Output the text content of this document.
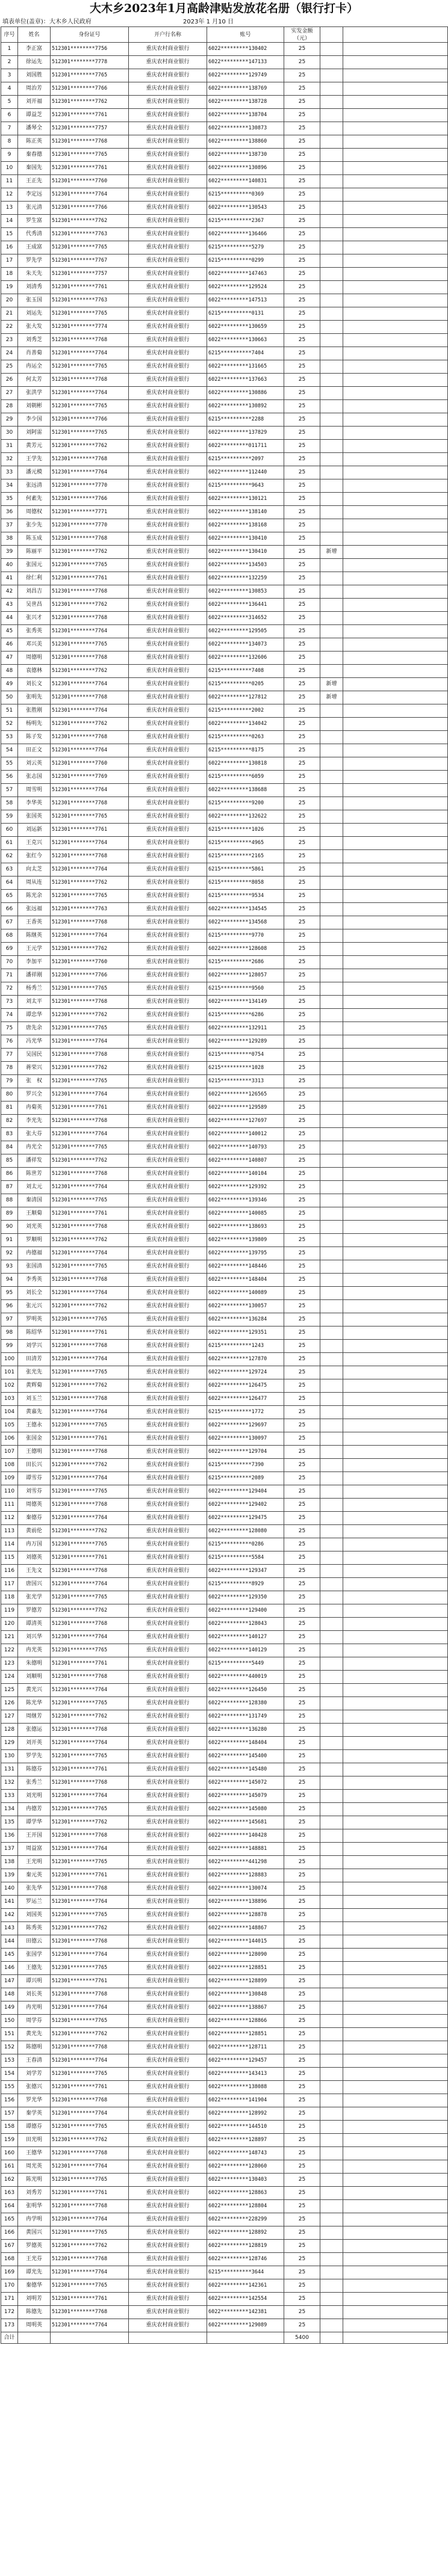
大木乡2023年1月高龄津贴发放花名册（银行打卡）
填表单位(盖章)：大木乡人民政府	2023年 1 月10 日
序号	姓名	身份证号	开户行名称	账号	实发金额（元）		
1	李正富	512301********7756	重庆农村商业银行	6022*********130402	25		
2	徐运先	512301********7778	重庆农村商业银行	6022*********147133	25		
3	刘国胜	512301********7765	重庆农村商业银行	6022*********129749	25		
4	周治芳	512301********7766	重庆农村商业银行	6022*********138769	25		
5	刘开福	512301********7762	重庆农村商业银行	6022*********138728	25		
6	谭益芝	512301********7761	重庆农村商业银行	6022*********138704	25		
7	潘琴全	512301********7757	重庆农村商业银行	6022*********130873	25		
8	陈正英	512301********7768	重庆农村商业银行	6022*********138860	25		
9	秦春德	512301********7765	重庆农村商业银行	6022*********138730	25		
10	秦国先	512301********7761	重庆农村商业银行	6022*********130896	25		
11	王正先	512301********7760	重庆农村商业银行	6022*********140831	25		
12	李定远	512301********7764	重庆农村商业银行	6215**********0369	25		
13	张元清	512301********7766	重庆农村商业银行	6022*********130543	25		
14	罗生富	512301********7762	重庆农村商业银行	6215**********2367	25		
15	代秀清	512301********7763	重庆农村商业银行	6022*********136466	25		
16	王成富	512301********7765	重庆农村商业银行	6215**********5279	25		
17	罗先学	512301********7767	重庆农村商业银行	6215**********0299	25		
18	朱天先	512301********7757	重庆农村商业银行	6022*********147463	25		
19	刘清秀	512301********7761	重庆农村商业银行	6022*********129524	25		
20	张玉国	512301********7763	重庆农村商业银行	6022*********147513	25		
21	刘运先	512301********7765	重庆农村商业银行	6215**********0131	25		
22	张大发	512301********7774	重庆农村商业银行	6022*********130659	25		
23	刘秀芝	512301********7768	重庆农村商业银行	6022*********130663	25		
24	肖善菊	512301********7764	重庆农村商业银行	6215**********7404	25		
25	冉运全	512301********7765	重庆农村商业银行	6022*********131665	25		
26	何太芳	512301********7768	重庆农村商业银行	6022*********137663	25		
27	张洪学	512301********7764	重庆农村商业银行	6022*********130886	25		
28	刘朝彬	512301********7765	重庆农村商业银行	6022*********130892	25		
29	李少国	512301********7766	重庆农村商业银行	6215**********2288	25		
30	刘阿雷	512301********7765	重庆农村商业银行	6022*********137829	25		
31	黄芳元	512301********7762	重庆农村商业银行	6022*********011711	25		
32	王学先	512301********7768	重庆农村商业银行	6215**********2097	25		
33	潘元模	512301********7764	重庆农村商业银行	6022*********112440	25		
34	张远清	512301********7770	重庆农村商业银行	6215**********9643	25		
35	何素先	512301********7766	重庆农村商业银行	6022*********130121	25		
36	周德权	512301********7771	重庆农村商业银行	6022*********138140	25		
37	张少先	512301********7770	重庆农村商业银行	6022*********138168	25		
38	陈玉成	512301********7768	重庆农村商业银行	6022*********130410	25		
39	陈丽平	512301********7762	重庆农村商业银行	6022*********130410	25	新增	
40	张国元	512301********7765	重庆农村商业银行	6022*********134503	25		
41	徐仁利	512301********7761	重庆农村商业银行	6022*********132259	25		
42	刘昌吉	512301********7768	重庆农村商业银行	6022*********130853	25		
43	吴世昌	512301********7762	重庆农村商业银行	6022*********136441	25		
44	张兴才	512301********7768	重庆农村商业银行	6022*********314652	25		
45	张秀英	512301********7764	重庆农村商业银行	6022*********129505	25		
46	邓兴美	512301********7765	重庆农村商业银行	6022*********134073	25		
47	周德明	512301********7768	重庆农村商业银行	6022*********132606	25		
48	袁德林	512301********7762	重庆农村商业银行	6215**********7408	25		
49	刘长文	512301********7764	重庆农村商业银行	6215**********0205	25	新增	
50	张明先	512301********7768	重庆农村商业银行	6022*********127812	25	新增	
51	张胜刚	512301********7764	重庆农村商业银行	6215**********2002	25		
52	杨明先	512301********7762	重庆农村商业银行	6022*********134042	25		
53	陈子发	512301********7768	重庆农村商业银行	6215**********0263	25		
54	田正文	512301********7764	重庆农村商业银行	6215**********8175	25		
55	刘云英	512301********7760	重庆农村商业银行	6022*********130818	25		
56	张志国	512301********7769	重庆农村商业银行	6215**********6059	25		
57	周雪明	512301********7764	重庆农村商业银行	6022*********138688	25		
58	李华英	512301********7768	重庆农村商业银行	6215**********9200	25		
59	张国英	512301********7765	重庆农村商业银行	6022*********132622	25		
60	刘运新	512301********7761	重庆农村商业银行	6215**********1026	25		
61	王克兴	512301********7764	重庆农村商业银行	6215**********4965	25		
62	张红今	512301********7768	重庆农村商业银行	6215**********2165	25		
63	向太芝	512301********7764	重庆农村商业银行	6215**********5861	25		
64	周从连	512301********7762	重庆农村商业银行	6215**********8058	25		
65	陈光余	512301********7765	重庆农村商业银行	6215**********9534	25		
66	张远福	512301********7763	重庆农村商业银行	6022*********134545	25		
67	王香英	512301********7768	重庆农村商业银行	6022*********134568	25		
68	陈继英	512301********7764	重庆农村商业银行	6215**********9770	25		
69	王元学	512301********7762	重庆农村商业银行	6022*********128608	25		
70	李加平	512301********7760	重庆农村商业银行	6215**********2686	25		
71	潘祥刚	512301********7766	重庆农村商业银行	6022*********128057	25		
72	杨秀兰	512301********7765	重庆农村商业银行	6215**********9560	25		
73	刘太平	512301********7768	重庆农村商业银行	6022*********134149	25		
74	谭忠华	512301********7762	重庆农村商业银行	6215**********6286	25		
75	唐先余	512301********7765	重庆农村商业银行	6022*********132911	25		
76	冯光华	512301********7764	重庆农村商业银行	6022*********129289	25		
77	吴国民	512301********7768	重庆农村商业银行	6215**********0754	25		
78	蒋荣兴	512301********7762	重庆农村商业银行	6215**********1028	25		
79	张　权	512301********7765	重庆农村商业银行	6215**********3313	25		
80	罗兴全	512301********7764	重庆农村商业银行	6022*********126565	25		
81	冉菊英	512301********7761	重庆农村商业银行	6022*********129589	25		
82	李光先	512301********7768	重庆农村商业银行	6022*********127697	25		
83	张大芬	512301********7764	重庆农村商业银行	6022*********140012	25		
84	冉光全	512301********7765	重庆农村商业银行	6022*********140793	25		
85	潘祥发	512301********7762	重庆农村商业银行	6022*********140807	25		
86	陈世芳	512301********7768	重庆农村商业银行	6022*********140104	25		
87	刘太元	512301********7764	重庆农村商业银行	6022*********129392	25		
88	秦清国	512301********7765	重庆农村商业银行	6022*********139346	25		
89	王顺菊	512301********7761	重庆农村商业银行	6022*********140085	25		
90	刘光英	512301********7768	重庆农村商业银行	6022*********138693	25		
91	罗顺明	512301********7762	重庆农村商业银行	6022*********139809	25		
92	冉德福	512301********7764	重庆农村商业银行	6022*********139795	25		
93	张国清	512301********7765	重庆农村商业银行	6022*********148446	25		
94	李秀英	512301********7768	重庆农村商业银行	6022*********148404	25		
95	刘长全	512301********7764	重庆农村商业银行	6022*********140089	25		
96	张元兴	512301********7762	重庆农村商业银行	6022*********130057	25		
97	罗明英	512301********7765	重庆农村商业银行	6022*********136284	25		
98	陈绍华	512301********7761	重庆农村商业银行	6022*********129351	25		
99	刘学兴	512301********7768	重庆农村商业银行	6215**********1243	25		
100	田清芳	512301********7764	重庆农村商业银行	6022*********127870	25		
101	张光先	512301********7765	重庆农村商业银行	6022*********129724	25		
102	黄辉菊	512301********7762	重庆农村商业银行	6022*********126475	25		
103	刘玉兰	512301********7768	重庆农村商业银行	6022*********126477	25		
104	黄嘉先	512301********7764	重庆农村商业银行	6215**********1772	25		
105	王德永	512301********7765	重庆农村商业银行	6022*********129697	25		
106	张国金	512301********7761	重庆农村商业银行	6022*********130097	25		
107	王德明	512301********7768	重庆农村商业银行	6022*********129704	25		
108	田长兴	512301********7762	重庆农村商业银行	6215**********7390	25		
109	谭雪芬	512301********7764	重庆农村商业银行	6215**********2089	25		
110	刘雪芬	512301********7765	重庆农村商业银行	6022*********129404	25		
111	周德英	512301********7768	重庆农村商业银行	6022*********129402	25		
112	秦德芬	512301********7764	重庆农村商业银行	6022*********129475	25		
113	黄前伦	512301********7762	重庆农村商业银行	6022*********128080	25		
114	冉万国	512301********7765	重庆农村商业银行	6215**********0286	25		
115	刘德英	512301********7761	重庆农村商业银行	6215**********5584	25		
116	王先文	512301********7768	重庆农村商业银行	6022*********129347	25		
117	唐国兴	512301********7764	重庆农村商业银行	6215**********8929	25		
118	张光学	512301********7765	重庆农村商业银行	6022*********129350	25		
119	罗德芳	512301********7762	重庆农村商业银行	6022*********129400	25		
120	谭清英	512301********7768	重庆农村商业银行	6022*********128043	25		
121	刘兴华	512301********7764	重庆农村商业银行	6022*********140127	25		
122	冉光英	512301********7765	重庆农村商业银行	6022*********140129	25		
123	朱德明	512301********7761	重庆农村商业银行	6215**********5449	25		
124	刘顺明	512301********7768	重庆农村商业银行	6022*********440019	25		
125	黄光兴	512301********7764	重庆农村商业银行	6022*********126450	25		
126	陈光华	512301********7765	重庆农村商业银行	6022*********128380	25		
127	周继芳	512301********7762	重庆农村商业银行	6022*********131749	25		
128	张德运	512301********7768	重庆农村商业银行	6022*********136280	25		
129	刘开英	512301********7764	重庆农村商业银行	6022*********148404	25		
130	罗学先	512301********7765	重庆农村商业银行	6022*********145400	25		
131	陈德芬	512301********7761	重庆农村商业银行	6022*********145480	25		
132	张秀兰	512301********7768	重庆农村商业银行	6022*********145072	25		
133	刘光明	512301********7764	重庆农村商业银行	6022*********145079	25		
134	冉德芳	512301********7765	重庆农村商业银行	6022*********145080	25		
135	谭学华	512301********7762	重庆农村商业银行	6022*********145681	25		
136	王开国	512301********7768	重庆农村商业银行	6022*********140428	25		
137	周益富	512301********7764	重庆农村商业银行	6022*********148881	25		
138	王光明	512301********7765	重庆农村商业银行	6022*********441298	25		
139	秦元英	512301********7761	重庆农村商业银行	6022*********128883	25		
140	张先华	512301********7768	重庆农村商业银行	6022*********130074	25		
141	罗运兰	512301********7764	重庆农村商业银行	6022*********138896	25		
142	刘国英	512301********7765	重庆农村商业银行	6022*********128878	25		
143	陈秀英	512301********7762	重庆农村商业银行	6022*********148867	25		
144	田德云	512301********7768	重庆农村商业银行	6022*********144015	25		
145	张国学	512301********7764	重庆农村商业银行	6022*********128090	25		
146	王德先	512301********7765	重庆农村商业银行	6022*********128851	25		
147	谭兴明	512301********7761	重庆农村商业银行	6022*********128899	25		
148	刘长英	512301********7768	重庆农村商业银行	6022*********130848	25		
149	冉光明	512301********7764	重庆农村商业银行	6022*********138867	25		
150	周学芬	512301********7765	重庆农村商业银行	6022*********128866	25		
151	黄光先	512301********7762	重庆农村商业银行	6022*********128851	25		
152	陈德明	512301********7768	重庆农村商业银行	6022*********128711	25		
153	王春清	512301********7764	重庆农村商业银行	6022*********129457	25		
154	刘学芳	512301********7765	重庆农村商业银行	6022*********143413	25		
155	张德兴	512301********7761	重庆农村商业银行	6022*********138088	25		
156	罗光华	512301********7768	重庆农村商业银行	6022*********141904	25		
157	秦学英	512301********7764	重庆农村商业银行	6022*********128992	25		
158	谭德芬	512301********7765	重庆农村商业银行	6022*********144510	25		
159	田光明	512301********7762	重庆农村商业银行	6022*********128897	25		
160	王德华	512301********7768	重庆农村商业银行	6022*********148743	25		
161	周光英	512301********7764	重庆农村商业银行	6022*********128060	25		
162	陈光明	512301********7765	重庆农村商业银行	6022*********130403	25		
163	刘秀芳	512301********7761	重庆农村商业银行	6022*********128863	25		
164	张明华	512301********7768	重庆农村商业银行	6022*********128804	25		
165	冉学明	512301********7764	重庆农村商业银行	6022*********228299	25		
166	黄国兴	512301********7765	重庆农村商业银行	6022*********128892	25		
167	罗德英	512301********7762	重庆农村商业银行	6022*********128819	25		
168	王光芬	512301********7768	重庆农村商业银行	6022*********128746	25		
169	谭光先	512301********7764	重庆农村商业银行	6215**********3644	25		
170	秦德华	512301********7765	重庆农村商业银行	6022*********142361	25		
171	刘明芳	512301********7761	重庆农村商业银行	6022*********142554	25		
172	陈德先	512301********7768	重庆农村商业银行	6022*********142381	25		
173	周明英	512301********7764	重庆农村商业银行	6022*********129089	25		
合计					5400		
